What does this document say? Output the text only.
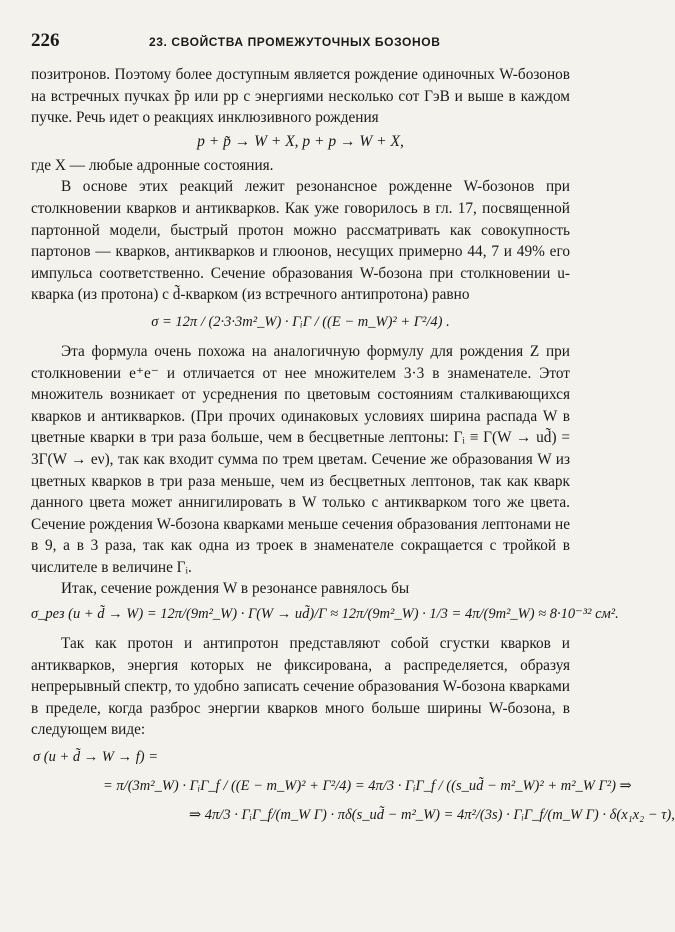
226	23. СВОЙСТВА ПРОМЕЖУТОЧНЫХ БОЗОНОВ

позитронов. Поэтому более доступным является рождение одиночных W-бозонов на встречных пучках p̃p или pp с энергиями несколько сот ГэВ и выше в каждом пучке. Речь идет о реакциях инклюзивного рождения

p + p̃ → W + X, p + p → W + X,

где X — любые адронные состояния.

В основе этих реакций лежит резонансное рожденне W-бозонов при столкновении кварков и антикварков. Как уже говорилось в гл. 17, посвященной партонной модели, быстрый протон можно рассматривать как совокупность партонов — кварков, антикварков и глюонов, несущих примерно 44, 7 и 49% его импульса соответственно. Сечение образования W-бозона при столкновении u-кварка (из протона) с d̃-кварком (из встречного антипротона) равно

σ = 12π / (2·3·3m²_W) · ΓᵢΓ / ((E − m_W)² + Γ²/4) .

Эта формула очень похожа на аналогичную формулу для рождения Z при столкновении e⁺e⁻ и отличается от нее множителем 3·3 в знаменателе. Этот множитель возникает от усреднения по цветовым состояниям сталкивающихся кварков и антикварков. (При прочих одинаковых условиях ширина распада W в цветные кварки в три раза больше, чем в бесцветные лептоны: Γᵢ ≡ Γ(W → ud̃) = 3Γ(W → eν), так как входит сумма по трем цветам. Сечение же образования W из цветных кварков в три раза меньше, чем из бесцветных лептонов, так как кварк данного цвета может аннигилировать в W только с антикварком того же цвета. Сечение рождения W-бозона кварками меньше сечения образования лептонами не в 9, а в 3 раза, так как одна из троек в знаменателе сокращается с тройкой в числителе в величине Γᵢ.

Итак, сечение рождения W в резонансе равнялось бы

σ_рез (u + d̃ → W) = 12π/(9m²_W) · Γ(W → ud̃)/Γ ≈ 12π/(9m²_W) · 1/3 = 4π/(9m²_W) ≈ 8·10⁻³² см².

Так как протон и антипротон представляют собой сгустки кварков и антикварков, энергия которых не фиксирована, а распределяется, образуя непрерывный спектр, то удобно записать сечение образования W-бозона кварками в пределе, когда разброс энергии кварков много больше ширины W-бозона, в следующем виде:

σ (u + d̃ → W → f) =
= π/(3m²_W) · ΓᵢΓ_f / ((E − m_W)² + Γ²/4) = 4π/3 · ΓᵢΓ_f / ((s_ud̃ − m²_W)² + m²_W Γ²) ⇒
⇒ 4π/3 · ΓᵢΓ_f/(m_W Γ) · πδ(s_ud̃ − m²_W) = 4π²/(3s) · ΓᵢΓ_f/(m_W Γ) · δ(x₁x₂ − τ),
